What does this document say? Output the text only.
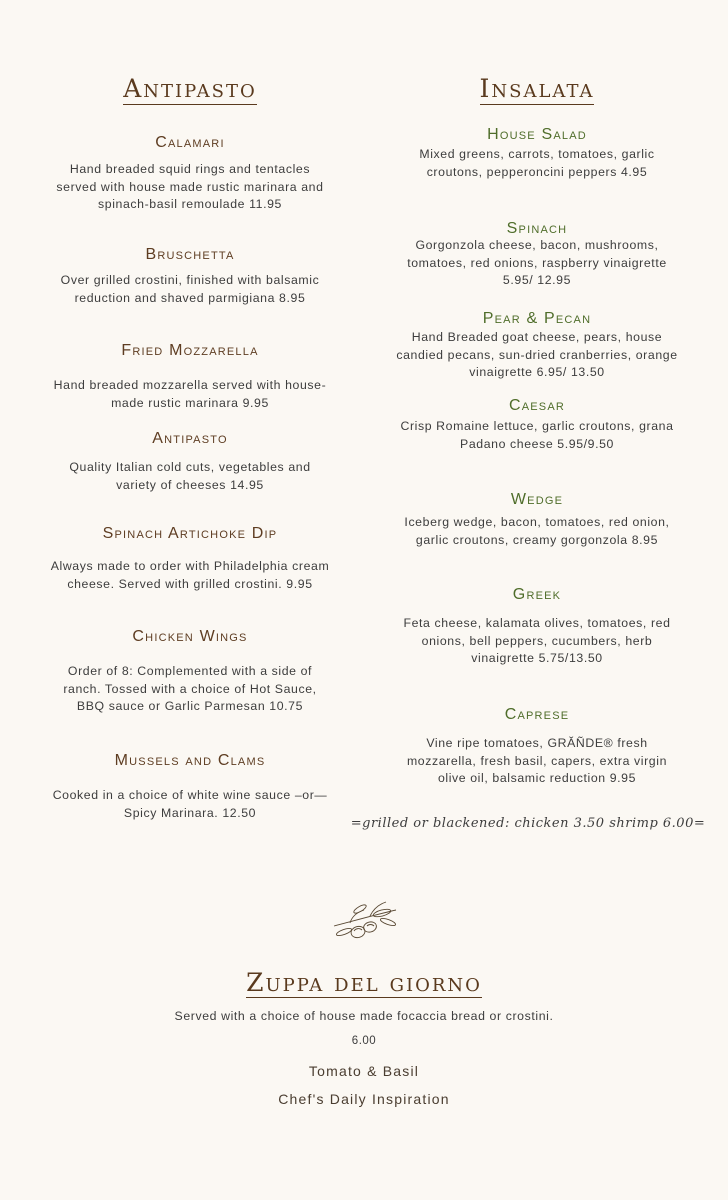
Antipasto
Calamari
Hand breaded squid rings and tentacles served with house made rustic marinara and spinach-basil remoulade 11.95
Bruschetta
Over grilled crostini, finished with balsamic reduction and shaved parmigiana 8.95
Fried Mozzarella
Hand breaded mozzarella served with house-made rustic marinara 9.95
Antipasto
Quality Italian cold cuts, vegetables and variety of cheeses 14.95
Spinach Artichoke Dip
Always made to order with Philadelphia cream cheese. Served with grilled crostini. 9.95
Chicken Wings
Order of 8: Complemented with a side of ranch. Tossed with a choice of Hot Sauce, BBQ sauce or Garlic Parmesan 10.75
Mussels and Clams
Cooked in a choice of white wine sauce –or— Spicy Marinara. 12.50
Insalata
House Salad
Mixed greens, carrots, tomatoes, garlic croutons, pepperoncini peppers 4.95
Spinach
Gorgonzola cheese, bacon, mushrooms, tomatoes, red onions, raspberry vinaigrette 5.95/ 12.95
Pear & Pecan
Hand Breaded goat cheese, pears, house candied pecans, sun-dried cranberries, orange vinaigrette 6.95/ 13.50
Caesar
Crisp Romaine lettuce, garlic croutons, grana Padano cheese 5.95/9.50
Wedge
Iceberg wedge, bacon, tomatoes, red onion, garlic croutons, creamy gorgonzola 8.95
Greek
Feta cheese, kalamata olives, tomatoes, red onions, bell peppers, cucumbers, herb vinaigrette 5.75/13.50
Caprese
Vine ripe tomatoes, GRĂÑDE® fresh mozzarella, fresh basil, capers, extra virgin olive oil, balsamic reduction 9.95
=grilled or blackened: chicken 3.50 shrimp 6.00=
Zuppa del giorno
Served with a choice of house made focaccia bread or crostini.
6.00
Tomato & Basil
Chef's Daily Inspiration
